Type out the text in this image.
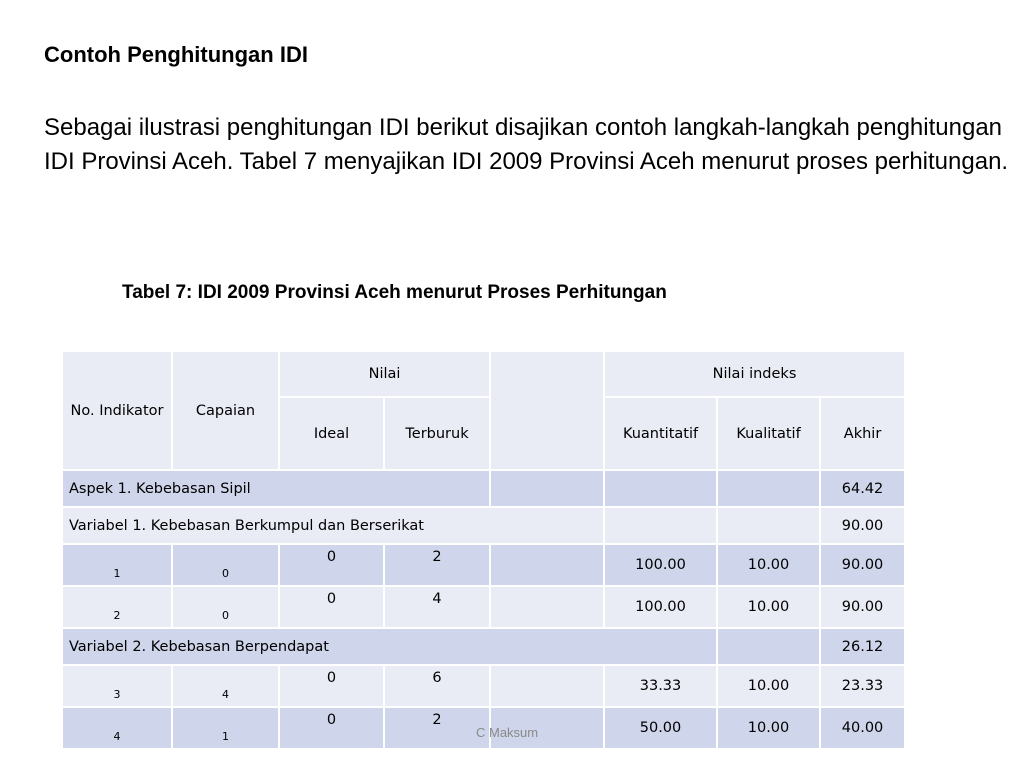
Contoh Penghitungan IDI

Sebagai ilustrasi penghitungan IDI berikut disajikan contoh langkah-langkah penghitungan IDI Provinsi Aceh. Tabel 7 menyajikan IDI 2009 Provinsi Aceh menurut proses perhitungan.

Tabel 7: IDI 2009 Provinsi Aceh menurut Proses Perhitungan

No. Indikator	Capaian	Nilai			Nilai indeks		
		Ideal	Terburuk		Kuantitatif	Kualitatif	Akhir
Aspek 1. Kebebasan Sipil							64.42
Variabel 1. Kebebasan Berkumpul dan Berserikat							90.00
1	0	0	2		100.00	10.00	90.00
2	0	0	4		100.00	10.00	90.00
Variabel 2. Kebebasan Berpendapat							26.12
3	4	0	6		33.33	10.00	23.33
4	1	0	2		50.00	10.00	40.00
C Maksum
